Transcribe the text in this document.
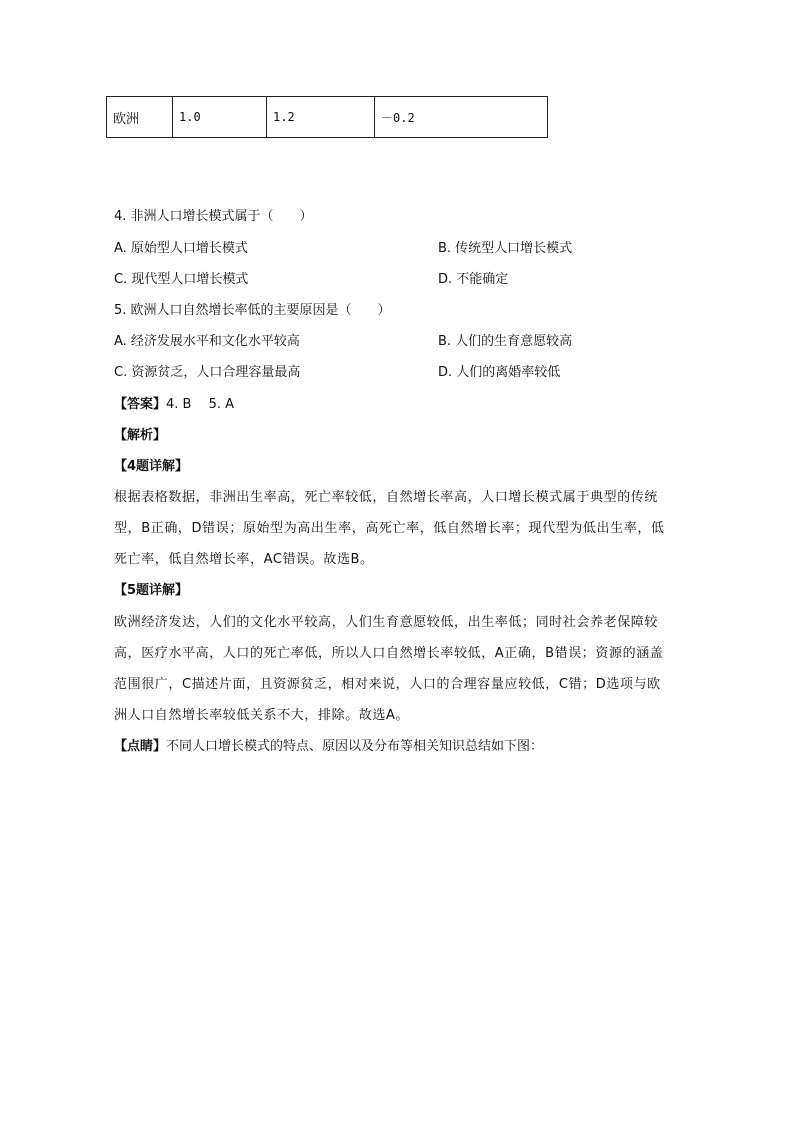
欧洲	1.0	1.2	－0.2
4. 非洲人口增长模式属于（　　）
A. 原始型人口增长模式	B. 传统型人口增长模式
C. 现代型人口增长模式	D. 不能确定
5. 欧洲人口自然增长率低的主要原因是（　　）
A. 经济发展水平和文化水平较高	B. 人们的生育意愿较高
C. 资源贫乏，人口合理容量最高	D. 人们的离婚率较低
【答案】4. B　 5. A
【解析】
【4题详解】
根据表格数据，非洲出生率高，死亡率较低，自然增长率高，人口增长模式属于典型的传统
型，B正确，D错误；原始型为高出生率，高死亡率，低自然增长率；现代型为低出生率，低
死亡率，低自然增长率，AC错误。故选B。
【5题详解】
欧洲经济发达，人们的文化水平较高，人们生育意愿较低，出生率低；同时社会养老保障较
高，医疗水平高，人口的死亡率低，所以人口自然增长率较低，A正确，B错误；资源的涵盖
范围很广，C描述片面，且资源贫乏，相对来说，人口的合理容量应较低，C错；D选项与欧
洲人口自然增长率较低关系不大，排除。故选A。
【点睛】不同人口增长模式的特点、原因以及分布等相关知识总结如下图：
